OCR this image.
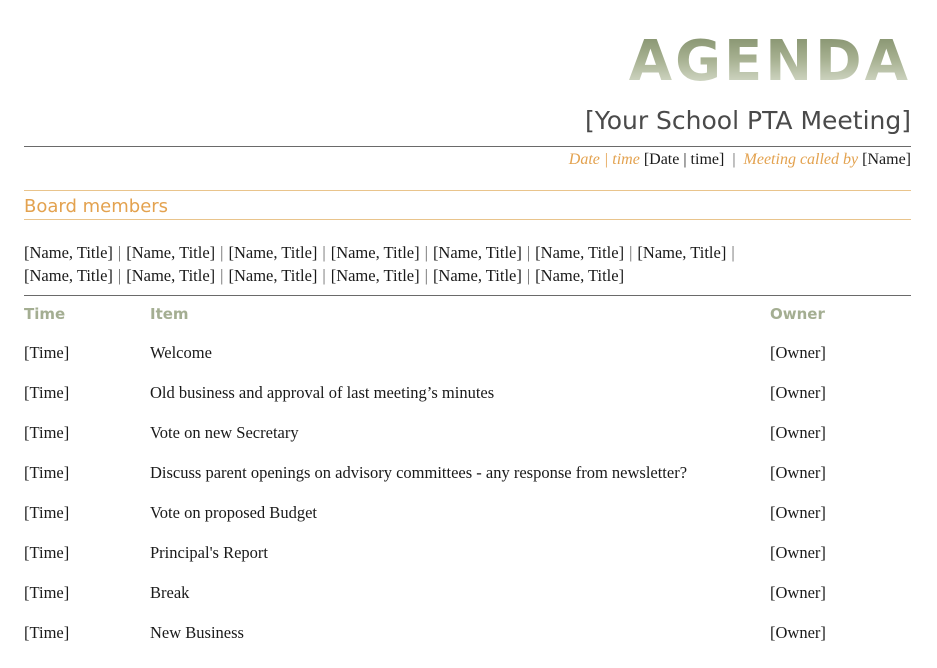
AGENDA
[Your School PTA Meeting]
Date | time [Date | time] | Meeting called by [Name]
Board members
[Name, Title] | [Name, Title] | [Name, Title] | [Name, Title] | [Name, Title] | [Name, Title] | [Name, Title] |
[Name, Title] | [Name, Title] | [Name, Title] | [Name, Title] | [Name, Title] | [Name, Title]
Time	Item	Owner
[Time]	Welcome	[Owner]
[Time]	Old business and approval of last meeting’s minutes	[Owner]
[Time]	Vote on new Secretary	[Owner]
[Time]	Discuss parent openings on advisory committees - any response from newsletter?	[Owner]
[Time]	Vote on proposed Budget	[Owner]
[Time]	Principal's Report	[Owner]
[Time]	Break	[Owner]
[Time]	New Business	[Owner]
